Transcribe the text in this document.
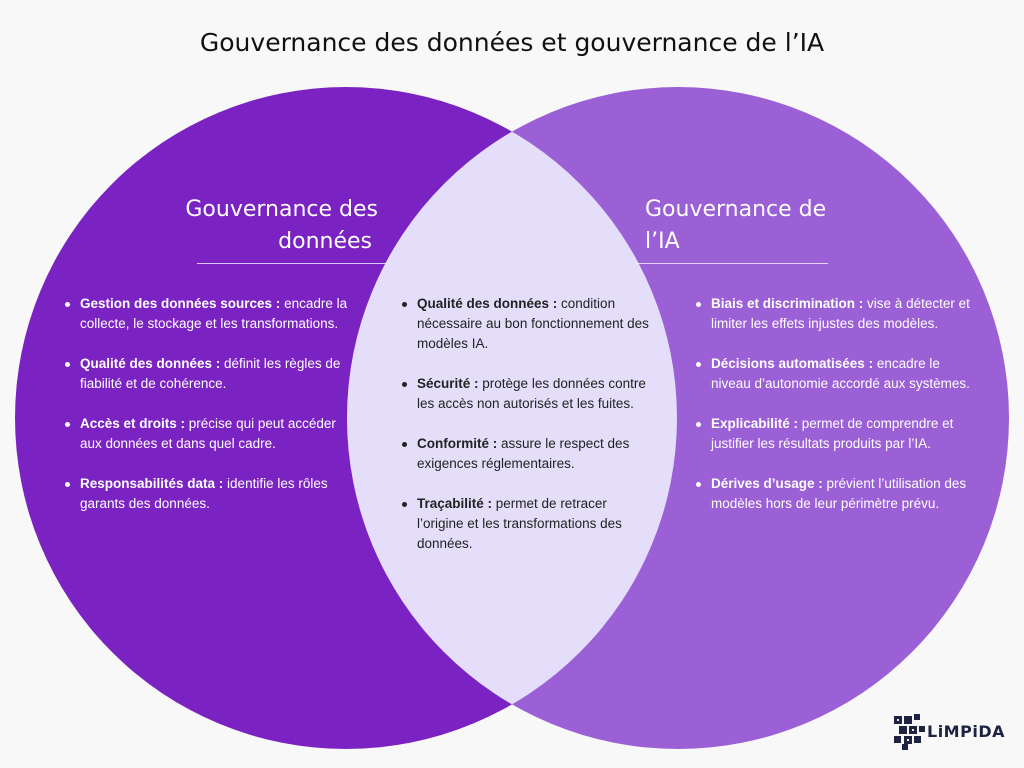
Gouvernance des données et gouvernance de l’IA
Gouvernance des
données
Gouvernance de
l’IA
Gestion des données sources : encadre la collecte, le stockage et les transformations.
Qualité des données : définit les règles de fiabilité et de cohérence.
Accès et droits : précise qui peut accéder aux données et dans quel cadre.
Responsabilités data : identifie les rôles garants des données.
Qualité des données : condition nécessaire au bon fonctionnement des modèles IA.
Sécurité : protège les données contre les accès non autorisés et les fuites.
Conformité : assure le respect des exigences réglementaires.
Traçabilité : permet de retracer l’origine et les transformations des données.
Biais et discrimination : vise à détecter et limiter les effets injustes des modèles.
Décisions automatisées : encadre le niveau d’autonomie accordé aux systèmes.
Explicabilité : permet de comprendre et justifier les résultats produits par l’IA.
Dérives d’usage : prévient l’utilisation des modèles hors de leur périmètre prévu.
LiMPiDA
